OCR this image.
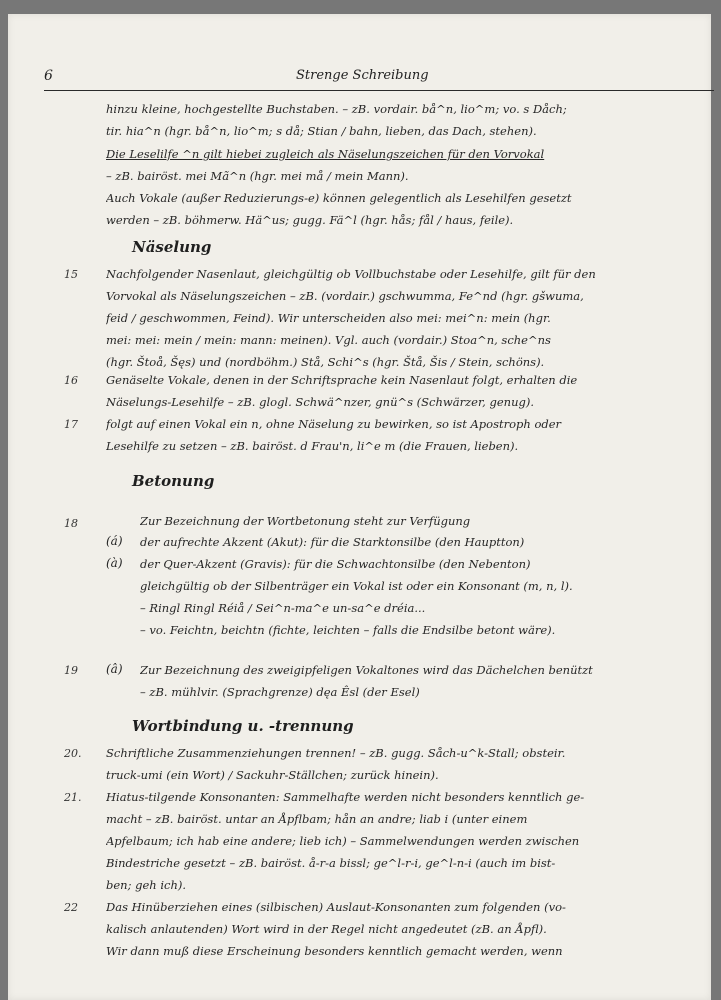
6	Strenge Schreibung
hinzu kleine, hochgestellte Buchstaben. – zB. vordair. bå^n, lio^m; vo. s Dåch;
tir. hia^n (hgr. bå^n, lio^m; s då; Stian / bahn, lieben, das Dach, stehen).
Die Leselilfe ^n gilt hiebei zugleich als Näselungszeichen für den Vorvokal
– zB. bairöst. mei Mã^n (hgr. mei må / mein Mann).
Auch Vokale (außer Reduzierungs-e) können gelegentlich als Lesehilfen gesetzt
werden – zB. böhmerw. Hä^us; gugg. Fä^l (hgr. hås; fål / haus, feile).
Näselung
15 Nachfolgender Nasenlaut, gleichgültig ob Vollbuchstabe oder Lesehilfe, gilt für den
Vorvokal als Näselungszeichen – zB. (vordair.) gschwumma, Fe^nd (hgr. gšwuma,
feid / geschwommen, Feind). Wir unterscheiden also mei: mei^n: mein (hgr.
mei: mei: mein / mein: mann: meinen). Vgl. auch (vordair.) Stoa^n, sche^ns
(hgr. Štoå, Šęs) und (nordböhm.) Stå, Schi^s (hgr. Štå, Šis / Stein, schöns).
16 Genäselte Vokale, denen in der Schriftsprache kein Nasenlaut folgt, erhalten die
Näselungs-Lesehilfe – zB. glogl. Schwä^nzer, gnü^s (Schwärzer, genug).
17 folgt auf einen Vokal ein n, ohne Näselung zu bewirken, so ist Apostroph oder
Lesehilfe zu setzen – zB. bairöst. d Frau'n, li^e m (die Frauen, lieben).
Betonung
18	Zur Bezeichnung der Wortbetonung steht zur Verfügung
(á) der aufrechte Akzent (Akut): für die Starktonsilbe (den Hauptton)
(à) der Quer-Akzent (Gravis): für die Schwachtonsilbe (den Nebenton)
gleichgültig ob der Silbenträger ein Vokal ist oder ein Konsonant (m, n, l).
– Ringl Ringl Réiå / Sei^n-ma^e un-sa^e dréia...
– vo. Feichtn, beichtn (fichte, leichten – falls die Endsilbe betont wäre).
19 (â) Zur Bezeichnung des zweigipfeligen Vokaltones wird das Dächelchen benützt
– zB. mühlvir. (Sprachgrenze) dęa Êsl (der Esel)
Wortbindung u. -trennung
20. Schriftliche Zusammenziehungen trennen! – zB. gugg. Såch-u^k-Stall; obsteir.
truck-umi (ein Wort) / Sackuhr-Ställchen; zurück hinein).
21. Hiatus-tilgende Konsonanten: Sammelhafte werden nicht besonders kenntlich ge-
macht – zB. bairöst. untar an Åpflbam; hån an andre; liab i (unter einem
Apfelbaum; ich hab eine andere; lieb ich) – Sammelwendungen werden zwischen
Bindestriche gesetzt – zB. bairöst. å-r-a bissl; ge^l-r-i, ge^l-n-i (auch im bist-
ben; geh ich).
22 Das Hinüberziehen eines (silbischen) Auslaut-Konsonanten zum folgenden (vo-
kalisch anlautenden) Wort wird in der Regel nicht angedeutet (zB. an Åpfl).
Wir dann muß diese Erscheinung besonders kenntlich gemacht werden, wenn
